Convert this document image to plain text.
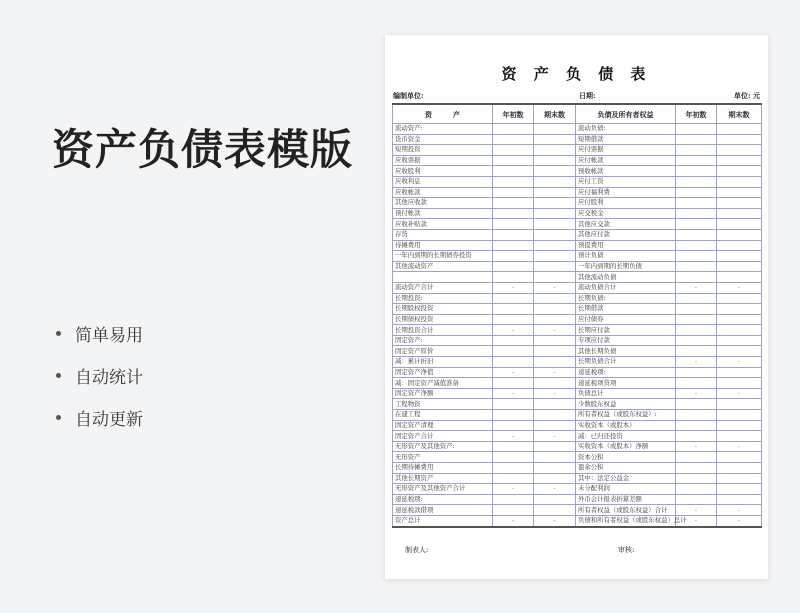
资产负债表模版
简单易用
自动统计
自动更新
资 产 负 债 表
编制单位:	日期:	单位: 元
资　　　产	年初数	期末数	负债及所有者权益	年初数	期末数
流动资产:			流动负债:		
货币资金			短期借款		
短期投资			应付票据		
应收票据			应付帐款		
应收股利			预收帐款		
应收利息			应付工资		
应收帐款			应付福利费		
其他应收款			应付股利		
预付帐款			应交税金		
应收补贴款			其他应交款		
存货			其他应付款		
待摊费用			预提费用		
一年内到期的长期债券投资			预计负债		
其他流动资产			一年内到期的长期负债		
			其他流动负债		
流动资产合计	-	-	流动负债合计	-	-
长期投资:			长期负债:		
长期股权投资			长期借款		
长期债权投资			应付债券		
长期投资合计	-	-	长期应付款		
固定资产:			专项应付款		
固定资产原价			其他长期负债		
减：累计折旧			长期负债合计	-	-
固定资产净值	-	-	递延税项:		
减：固定资产减值准备			递延税项贷项		
固定资产净额	-	-	负债总计	-	-
工程物资			少数股东权益		
在建工程			所有者权益（或股东权益）:		
固定资产清理			实收资本（或股本）		
固定资产合计	-	-	减：已归还投资		
无形资产及其他资产:			实收资本（或股本）净额	-	-
无形资产			资本公积		
长期待摊费用			盈余公积		
其他长期资产			其中：法定公益金		
无形资产及其他资产合计	-	-	未分配利润		
递延税项:			外币会计报表折算差额		
递延税款借项			所有者权益（或股东权益）合计	-	-
资产总计	-	-	负债和所有者权益（或股东权益）总计	-	-
制表人:	审核:
